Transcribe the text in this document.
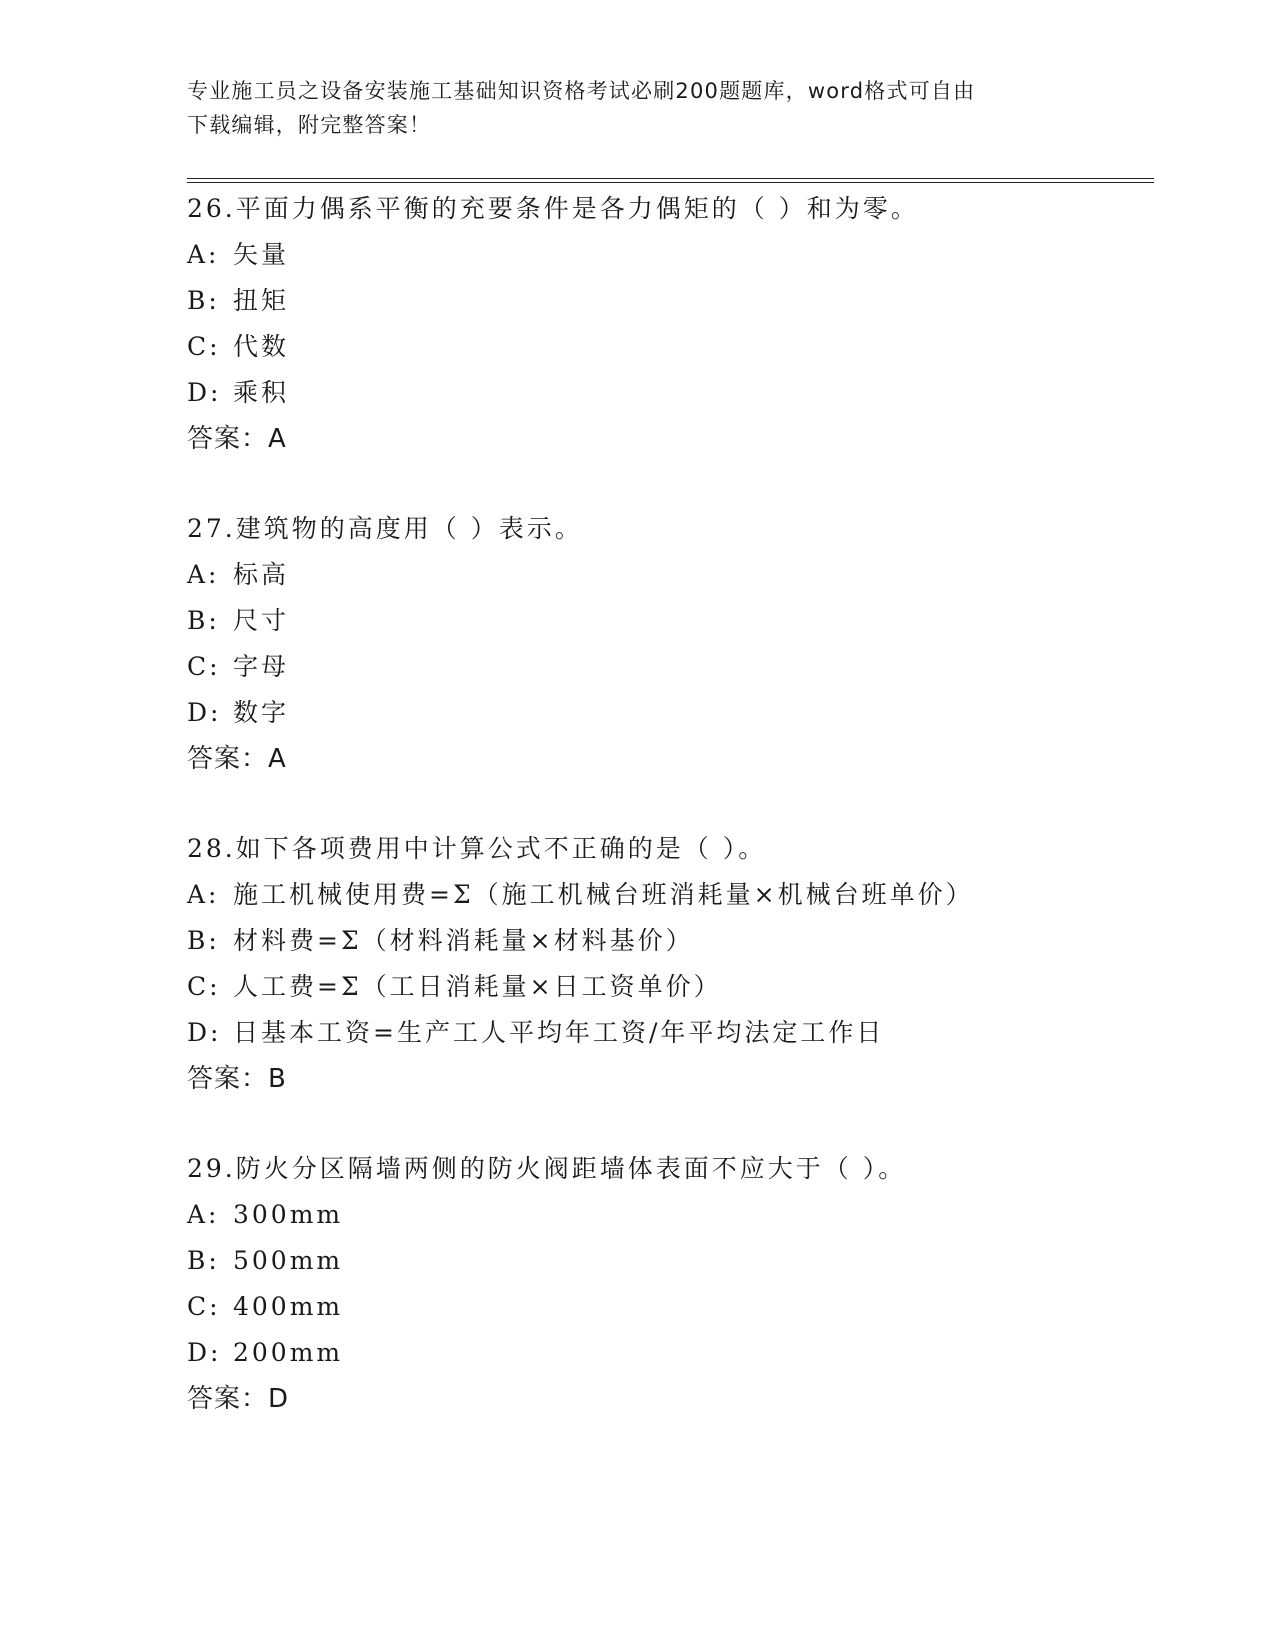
专业施工员之设备安装施工基础知识资格考试必刷200题题库，word格式可自由
下载编辑，附完整答案！
26.平面力偶系平衡的充要条件是各力偶矩的（ ）和为零。
A: 矢量
B: 扭矩
C: 代数
D: 乘积
答案：A
27.建筑物的高度用（ ）表示。
A: 标高
B: 尺寸
C: 字母
D: 数字
答案：A
28.如下各项费用中计算公式不正确的是（ ）。
A: 施工机械使用费=Σ（施工机械台班消耗量×机械台班单价）
B: 材料费=Σ（材料消耗量×材料基价）
C: 人工费=Σ（工日消耗量×日工资单价）
D: 日基本工资=生产工人平均年工资/年平均法定工作日
答案：B
29.防火分区隔墙两侧的防火阀距墙体表面不应大于（ ）。
A: 300mm
B: 500mm
C: 400mm
D: 200mm
答案：D
